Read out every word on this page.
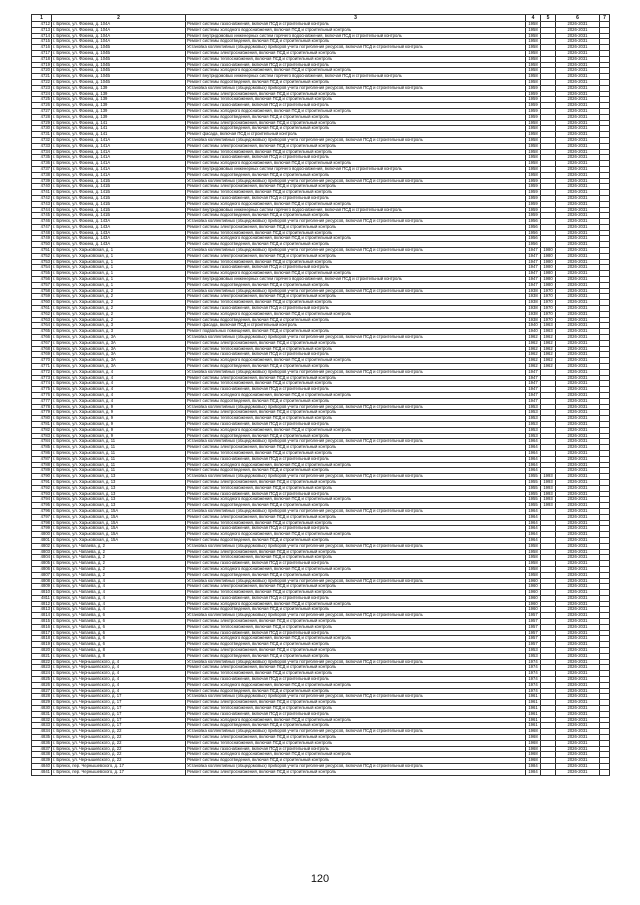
1	2	3	4	5	6	7
4712	г. Брянск, ул. Фокина, д. 104А	Ремонт системы газоснабжения, включая ПСД и строительный контроль	1958		2026-2031	
4713	г. Брянск, ул. Фокина, д. 104А	Ремонт системы холодного водоснабжения, включая ПСД и строительный контроль	1958		2026-2031	
4714	г. Брянск, ул. Фокина, д. 104А	Ремонт внутридомовых инженерных систем горячего водоснабжения, включая ПСД и строительный контроль	1958		2026-2031	
4715	г. Брянск, ул. Фокина, д. 104А	Ремонт системы водоотведения, включая ПСД и строительный контроль	1958		2026-2031	
4716	г. Брянск, ул. Фокина, д. 104Б	Установка коллективных (общедомовых) приборов учета потребления ресурсов, включая ПСД и строительный контроль	1958		2026-2031	
4717	г. Брянск, ул. Фокина, д. 104Б	Ремонт системы электроснабжения, включая ПСД и строительный контроль	1958		2026-2031	
4718	г. Брянск, ул. Фокина, д. 104Б	Ремонт системы теплоснабжения, включая ПСД и строительный контроль	1958		2026-2031	
4719	г. Брянск, ул. Фокина, д. 104Б	Ремонт системы газоснабжения, включая ПСД и строительный контроль	1958		2026-2031	
4720	г. Брянск, ул. Фокина, д. 104Б	Ремонт системы холодного водоснабжения, включая ПСД и строительный контроль	1958		2026-2031	
4721	г. Брянск, ул. Фокина, д. 104Б	Ремонт внутридомовых инженерных систем горячего водоснабжения, включая ПСД и строительный контроль	1958		2026-2031	
4722	г. Брянск, ул. Фокина, д. 104Б	Ремонт системы водоотведения, включая ПСД и строительный контроль	1958		2026-2031	
4723	г. Брянск, ул. Фокина, д. 139	Установка коллективных (общедомовых) приборов учета потребления ресурсов, включая ПСД и строительный контроль	1959		2026-2031	
4724	г. Брянск, ул. Фокина, д. 139	Ремонт системы электроснабжения, включая ПСД и строительный контроль	1959		2026-2031	
4725	г. Брянск, ул. Фокина, д. 139	Ремонт системы теплоснабжения, включая ПСД и строительный контроль	1959		2026-2031	
4726	г. Брянск, ул. Фокина, д. 139	Ремонт системы газоснабжения, включая ПСД и строительный контроль	1959		2026-2031	
4727	г. Брянск, ул. Фокина, д. 139	Ремонт системы холодного водоснабжения, включая ПСД и строительный контроль	1959		2026-2031	
4728	г. Брянск, ул. Фокина, д. 139	Ремонт системы водоотведения, включая ПСД и строительный контроль	1959		2026-2031	
4729	г. Брянск, ул. Фокина, д. 141	Ремонт системы электроснабжения, включая ПСД и строительный контроль	1958		2026-2031	
4730	г. Брянск, ул. Фокина, д. 141	Ремонт системы водоотведения, включая ПСД и строительный контроль	1958		2026-2031	
4731	г. Брянск, ул. Фокина, д. 141	Ремонт фасада, включая ПСД и строительный контроль	1958		2026-2031	
4732	г. Брянск, ул. Фокина, д. 141А	Установка коллективных (общедомовых) приборов учета потребления ресурсов, включая ПСД и строительный контроль	1958		2026-2031	
4733	г. Брянск, ул. Фокина, д. 141А	Ремонт системы электроснабжения, включая ПСД и строительный контроль	1958		2026-2031	
4734	г. Брянск, ул. Фокина, д. 141А	Ремонт системы теплоснабжения, включая ПСД и строительный контроль	1958		2026-2031	
4735	г. Брянск, ул. Фокина, д. 141А	Ремонт системы газоснабжения, включая ПСД и строительный контроль	1958		2026-2031	
4736	г. Брянск, ул. Фокина, д. 141А	Ремонт системы холодного водоснабжения, включая ПСД и строительный контроль	1958		2026-2031	
4737	г. Брянск, ул. Фокина, д. 141А	Ремонт внутридомовых инженерных систем горячего водоснабжения, включая ПСД и строительный контроль	1958		2026-2031	
4738	г. Брянск, ул. Фокина, д. 141А	Ремонт системы водоотведения, включая ПСД и строительный контроль	1958		2026-2031	
4739	г. Брянск, ул. Фокина, д. 141Б	Установка коллективных (общедомовых) приборов учета потребления ресурсов, включая ПСД и строительный контроль	1959		2026-2031	
4740	г. Брянск, ул. Фокина, д. 141Б	Ремонт системы электроснабжения, включая ПСД и строительный контроль	1959		2026-2031	
4741	г. Брянск, ул. Фокина, д. 141Б	Ремонт системы теплоснабжения, включая ПСД и строительный контроль	1959		2026-2031	
4742	г. Брянск, ул. Фокина, д. 141Б	Ремонт системы газоснабжения, включая ПСД и строительный контроль	1959		2026-2031	
4743	г. Брянск, ул. Фокина, д. 141Б	Ремонт системы холодного водоснабжения, включая ПСД и строительный контроль	1959		2026-2031	
4744	г. Брянск, ул. Фокина, д. 141Б	Ремонт внутридомовых инженерных систем горячего водоснабжения, включая ПСД и строительный контроль	1959		2026-2031	
4745	г. Брянск, ул. Фокина, д. 141Б	Ремонт системы водоотведения, включая ПСД и строительный контроль	1959		2026-2031	
4746	г. Брянск, ул. Фокина, д. 143А	Установка коллективных (общедомовых) приборов учета потребления ресурсов, включая ПСД и строительный контроль	1956		2026-2031	
4747	г. Брянск, ул. Фокина, д. 143А	Ремонт системы электроснабжения, включая ПСД и строительный контроль	1956		2026-2031	
4748	г. Брянск, ул. Фокина, д. 143А	Ремонт системы теплоснабжения, включая ПСД и строительный контроль	1956		2026-2031	
4749	г. Брянск, ул. Фокина, д. 143А	Ремонт системы холодного водоснабжения, включая ПСД и строительный контроль	1956		2026-2031	
4750	г. Брянск, ул. Фокина, д. 143А	Ремонт системы водоотведения, включая ПСД и строительный контроль	1956		2026-2031	
4751	г. Брянск, ул. Харьковская, д. 1	Установка коллективных (общедомовых) приборов учета потребления ресурсов, включая ПСД и строительный контроль	1947	1980	2026-2031	
4752	г. Брянск, ул. Харьковская, д. 1	Ремонт системы электроснабжения, включая ПСД и строительный контроль	1947	1980	2026-2031	
4753	г. Брянск, ул. Харьковская, д. 1	Ремонт системы теплоснабжения, включая ПСД и строительный контроль	1947	1980	2026-2031	
4754	г. Брянск, ул. Харьковская, д. 1	Ремонт системы газоснабжения, включая ПСД и строительный контроль	1947	1980	2026-2031	
4755	г. Брянск, ул. Харьковская, д. 1	Ремонт системы холодного водоснабжения, включая ПСД и строительный контроль	1947	1980	2026-2031	
4756	г. Брянск, ул. Харьковская, д. 1	Ремонт внутридомовых инженерных систем горячего водоснабжения, включая ПСД и строительный контроль	1947	1980	2026-2031	
4757	г. Брянск, ул. Харьковская, д. 1	Ремонт системы водоотведения, включая ПСД и строительный контроль	1947	1980	2026-2031	
4758	г. Брянск, ул. Харьковская, д. 2	Установка коллективных (общедомовых) приборов учета потребления ресурсов, включая ПСД и строительный контроль	1938	1970	2026-2031	
4759	г. Брянск, ул. Харьковская, д. 2	Ремонт системы электроснабжения, включая ПСД и строительный контроль	1938	1970	2026-2031	
4760	г. Брянск, ул. Харьковская, д. 2	Ремонт системы теплоснабжения, включая ПСД и строительный контроль	1938	1970	2026-2031	
4761	г. Брянск, ул. Харьковская, д. 2	Ремонт системы газоснабжения, включая ПСД и строительный контроль	1938	1970	2026-2031	
4762	г. Брянск, ул. Харьковская, д. 2	Ремонт системы холодного водоснабжения, включая ПСД и строительный контроль	1938	1970	2026-2031	
4763	г. Брянск, ул. Харьковская, д. 2	Ремонт системы водоотведения, включая ПСД и строительный контроль	1938	1970	2026-2031	
4764	г. Брянск, ул. Харьковская, д. 3	Ремонт фасада, включая ПСД и строительный контроль	1940	1963	2026-2031	
4765	г. Брянск, ул. Харьковская, д. 3	Ремонт подвальных помещений, включая ПСД и строительный контроль	1940	1963	2026-2031	
4766	г. Брянск, ул. Харьковская, д. 3А	Установка коллективных (общедомовых) приборов учета потребления ресурсов, включая ПСД и строительный контроль	1962	1962	2026-2031	
4767	г. Брянск, ул. Харьковская, д. 3А	Ремонт системы электроснабжения, включая ПСД и строительный контроль	1962	1962	2026-2031	
4768	г. Брянск, ул. Харьковская, д. 3А	Ремонт системы теплоснабжения, включая ПСД и строительный контроль	1962	1962	2026-2031	
4769	г. Брянск, ул. Харьковская, д. 3А	Ремонт системы газоснабжения, включая ПСД и строительный контроль	1962	1962	2026-2031	
4770	г. Брянск, ул. Харьковская, д. 3А	Ремонт системы холодного водоснабжения, включая ПСД и строительный контроль	1962	1962	2026-2031	
4771	г. Брянск, ул. Харьковская, д. 3А	Ремонт системы водоотведения, включая ПСД и строительный контроль	1962	1962	2026-2031	
4772	г. Брянск, ул. Харьковская, д. 4	Установка коллективных (общедомовых) приборов учета потребления ресурсов, включая ПСД и строительный контроль	1947		2026-2031	
4773	г. Брянск, ул. Харьковская, д. 4	Ремонт системы электроснабжения, включая ПСД и строительный контроль	1947		2026-2031	
4774	г. Брянск, ул. Харьковская, д. 4	Ремонт системы теплоснабжения, включая ПСД и строительный контроль	1947		2026-2031	
4775	г. Брянск, ул. Харьковская, д. 4	Ремонт системы газоснабжения, включая ПСД и строительный контроль	1947		2026-2031	
4776	г. Брянск, ул. Харьковская, д. 4	Ремонт системы холодного водоснабжения, включая ПСД и строительный контроль	1947		2026-2031	
4777	г. Брянск, ул. Харьковская, д. 4	Ремонт системы водоотведения, включая ПСД и строительный контроль	1947		2026-2031	
4778	г. Брянск, ул. Харьковская, д. 9	Установка коллективных (общедомовых) приборов учета потребления ресурсов, включая ПСД и строительный контроль	1953		2026-2031	
4779	г. Брянск, ул. Харьковская, д. 9	Ремонт системы электроснабжения, включая ПСД и строительный контроль	1953		2026-2031	
4780	г. Брянск, ул. Харьковская, д. 9	Ремонт системы теплоснабжения, включая ПСД и строительный контроль	1953		2026-2031	
4781	г. Брянск, ул. Харьковская, д. 9	Ремонт системы газоснабжения, включая ПСД и строительный контроль	1953		2026-2031	
4782	г. Брянск, ул. Харьковская, д. 9	Ремонт системы холодного водоснабжения, включая ПСД и строительный контроль	1953		2026-2031	
4783	г. Брянск, ул. Харьковская, д. 9	Ремонт системы водоотведения, включая ПСД и строительный контроль	1953		2026-2031	
4784	г. Брянск, ул. Харьковская, д. 11	Установка коллективных (общедомовых) приборов учета потребления ресурсов, включая ПСД и строительный контроль	1964		2026-2031	
4785	г. Брянск, ул. Харьковская, д. 11	Ремонт системы электроснабжения, включая ПСД и строительный контроль	1964		2026-2031	
4786	г. Брянск, ул. Харьковская, д. 11	Ремонт системы теплоснабжения, включая ПСД и строительный контроль	1964		2026-2031	
4787	г. Брянск, ул. Харьковская, д. 11	Ремонт системы газоснабжения, включая ПСД и строительный контроль	1964		2026-2031	
4788	г. Брянск, ул. Харьковская, д. 11	Ремонт системы холодного водоснабжения, включая ПСД и строительный контроль	1964		2026-2031	
4789	г. Брянск, ул. Харьковская, д. 11	Ремонт системы водоотведения, включая ПСД и строительный контроль	1964		2026-2031	
4790	г. Брянск, ул. Харьковская, д. 13	Установка коллективных (общедомовых) приборов учета потребления ресурсов, включая ПСД и строительный контроль	1955	1993	2026-2031	
4791	г. Брянск, ул. Харьковская, д. 13	Ремонт системы электроснабжения, включая ПСД и строительный контроль	1955	1993	2026-2031	
4792	г. Брянск, ул. Харьковская, д. 13	Ремонт системы теплоснабжения, включая ПСД и строительный контроль	1955	1993	2026-2031	
4793	г. Брянск, ул. Харьковская, д. 13	Ремонт системы газоснабжения, включая ПСД и строительный контроль	1955	1993	2026-2031	
4794	г. Брянск, ул. Харьковская, д. 13	Ремонт системы холодного водоснабжения, включая ПСД и строительный контроль	1955	1993	2026-2031	
4795	г. Брянск, ул. Харьковская, д. 13	Ремонт системы водоотведения, включая ПСД и строительный контроль	1955	1993	2026-2031	
4796	г. Брянск, ул. Харьковская, д. 15А	Установка коллективных (общедомовых) приборов учета потребления ресурсов, включая ПСД и строительный контроль	1964		2026-2031	
4797	г. Брянск, ул. Харьковская, д. 15А	Ремонт системы электроснабжения, включая ПСД и строительный контроль	1964		2026-2031	
4798	г. Брянск, ул. Харьковская, д. 15А	Ремонт системы теплоснабжения, включая ПСД и строительный контроль	1964		2026-2031	
4799	г. Брянск, ул. Харьковская, д. 15А	Ремонт системы газоснабжения, включая ПСД и строительный контроль	1964		2026-2031	
4800	г. Брянск, ул. Харьковская, д. 15А	Ремонт системы холодного водоснабжения, включая ПСД и строительный контроль	1964		2026-2031	
4801	г. Брянск, ул. Харьковская, д. 15А	Ремонт системы водоотведения, включая ПСД и строительный контроль	1964		2026-2031	
4802	г. Брянск, ул. Чапаева, д. 2	Установка коллективных (общедомовых) приборов учета потребления ресурсов, включая ПСД и строительный контроль	1958		2026-2031	
4803	г. Брянск, ул. Чапаева, д. 2	Ремонт системы электроснабжения, включая ПСД и строительный контроль	1958		2026-2031	
4804	г. Брянск, ул. Чапаева, д. 2	Ремонт системы теплоснабжения, включая ПСД и строительный контроль	1958		2026-2031	
4805	г. Брянск, ул. Чапаева, д. 2	Ремонт системы газоснабжения, включая ПСД и строительный контроль	1958		2026-2031	
4806	г. Брянск, ул. Чапаева, д. 2	Ремонт системы холодного водоснабжения, включая ПСД и строительный контроль	1958		2026-2031	
4807	г. Брянск, ул. Чапаева, д. 2	Ремонт системы водоотведения, включая ПСД и строительный контроль	1958		2026-2031	
4808	г. Брянск, ул. Чапаева, д. 4	Установка коллективных (общедомовых) приборов учета потребления ресурсов, включая ПСД и строительный контроль	1960		2026-2031	
4809	г. Брянск, ул. Чапаева, д. 4	Ремонт системы электроснабжения, включая ПСД и строительный контроль	1960		2026-2031	
4810	г. Брянск, ул. Чапаева, д. 4	Ремонт системы теплоснабжения, включая ПСД и строительный контроль	1960		2026-2031	
4811	г. Брянск, ул. Чапаева, д. 4	Ремонт системы газоснабжения, включая ПСД и строительный контроль	1960		2026-2031	
4812	г. Брянск, ул. Чапаева, д. 4	Ремонт системы холодного водоснабжения, включая ПСД и строительный контроль	1960		2026-2031	
4813	г. Брянск, ул. Чапаева, д. 4	Ремонт системы водоотведения, включая ПСД и строительный контроль	1960		2026-2031	
4814	г. Брянск, ул. Чапаева, д. 6	Установка коллективных (общедомовых) приборов учета потребления ресурсов, включая ПСД и строительный контроль	1957		2026-2031	
4815	г. Брянск, ул. Чапаева, д. 6	Ремонт системы электроснабжения, включая ПСД и строительный контроль	1957		2026-2031	
4816	г. Брянск, ул. Чапаева, д. 6	Ремонт системы теплоснабжения, включая ПСД и строительный контроль	1957		2026-2031	
4817	г. Брянск, ул. Чапаева, д. 6	Ремонт системы газоснабжения, включая ПСД и строительный контроль	1957		2026-2031	
4818	г. Брянск, ул. Чапаева, д. 6	Ремонт системы холодного водоснабжения, включая ПСД и строительный контроль	1957		2026-2031	
4819	г. Брянск, ул. Чапаева, д. 6	Ремонт системы водоотведения, включая ПСД и строительный контроль	1957		2026-2031	
4820	г. Брянск, ул. Чапаева, д. 8	Ремонт системы электроснабжения, включая ПСД и строительный контроль	1953		2026-2031	
4821	г. Брянск, ул. Чапаева, д. 8	Ремонт системы водоотведения, включая ПСД и строительный контроль	1953		2026-2031	
4822	г. Брянск, ул. Чернышевского, д. 4	Установка коллективных (общедомовых) приборов учета потребления ресурсов, включая ПСД и строительный контроль	1974		2026-2031	
4823	г. Брянск, ул. Чернышевского, д. 4	Ремонт системы электроснабжения, включая ПСД и строительный контроль	1974		2026-2031	
4824	г. Брянск, ул. Чернышевского, д. 4	Ремонт системы теплоснабжения, включая ПСД и строительный контроль	1974		2026-2031	
4825	г. Брянск, ул. Чернышевского, д. 4	Ремонт системы газоснабжения, включая ПСД и строительный контроль	1974		2026-2031	
4826	г. Брянск, ул. Чернышевского, д. 4	Ремонт системы холодного водоснабжения, включая ПСД и строительный контроль	1974		2026-2031	
4827	г. Брянск, ул. Чернышевского, д. 4	Ремонт системы водоотведения, включая ПСД и строительный контроль	1974		2026-2031	
4828	г. Брянск, ул. Чернышевского, д. 17	Установка коллективных (общедомовых) приборов учета потребления ресурсов, включая ПСД и строительный контроль	1961		2026-2031	
4829	г. Брянск, ул. Чернышевского, д. 17	Ремонт системы электроснабжения, включая ПСД и строительный контроль	1961		2026-2031	
4830	г. Брянск, ул. Чернышевского, д. 17	Ремонт системы теплоснабжения, включая ПСД и строительный контроль	1961		2026-2031	
4831	г. Брянск, ул. Чернышевского, д. 17	Ремонт системы газоснабжения, включая ПСД и строительный контроль	1961		2026-2031	
4832	г. Брянск, ул. Чернышевского, д. 17	Ремонт системы холодного водоснабжения, включая ПСД и строительный контроль	1961		2026-2031	
4833	г. Брянск, ул. Чернышевского, д. 17	Ремонт системы водоотведения, включая ПСД и строительный контроль	1961		2026-2031	
4834	г. Брянск, ул. Чернышевского, д. 22	Установка коллективных (общедомовых) приборов учета потребления ресурсов, включая ПСД и строительный контроль	1968		2026-2031	
4835	г. Брянск, ул. Чернышевского, д. 22	Ремонт системы электроснабжения, включая ПСД и строительный контроль	1968		2026-2031	
4836	г. Брянск, ул. Чернышевского, д. 22	Ремонт системы теплоснабжения, включая ПСД и строительный контроль	1968		2026-2031	
4837	г. Брянск, ул. Чернышевского, д. 22	Ремонт системы газоснабжения, включая ПСД и строительный контроль	1968		2026-2031	
4838	г. Брянск, ул. Чернышевского, д. 22	Ремонт системы холодного водоснабжения, включая ПСД и строительный контроль	1968		2026-2031	
4839	г. Брянск, ул. Чернышевского, д. 22	Ремонт системы водоотведения, включая ПСД и строительный контроль	1968		2026-2031	
4840	г. Брянск, пер. Чернышевского, д. 17	Установка коллективных (общедомовых) приборов учета потребления ресурсов, включая ПСД и строительный контроль	1984		2026-2031	
4841	г. Брянск, пер. Чернышевского, д. 17	Ремонт системы электроснабжения, включая ПСД и строительный контроль	1984		2026-2031	
120
